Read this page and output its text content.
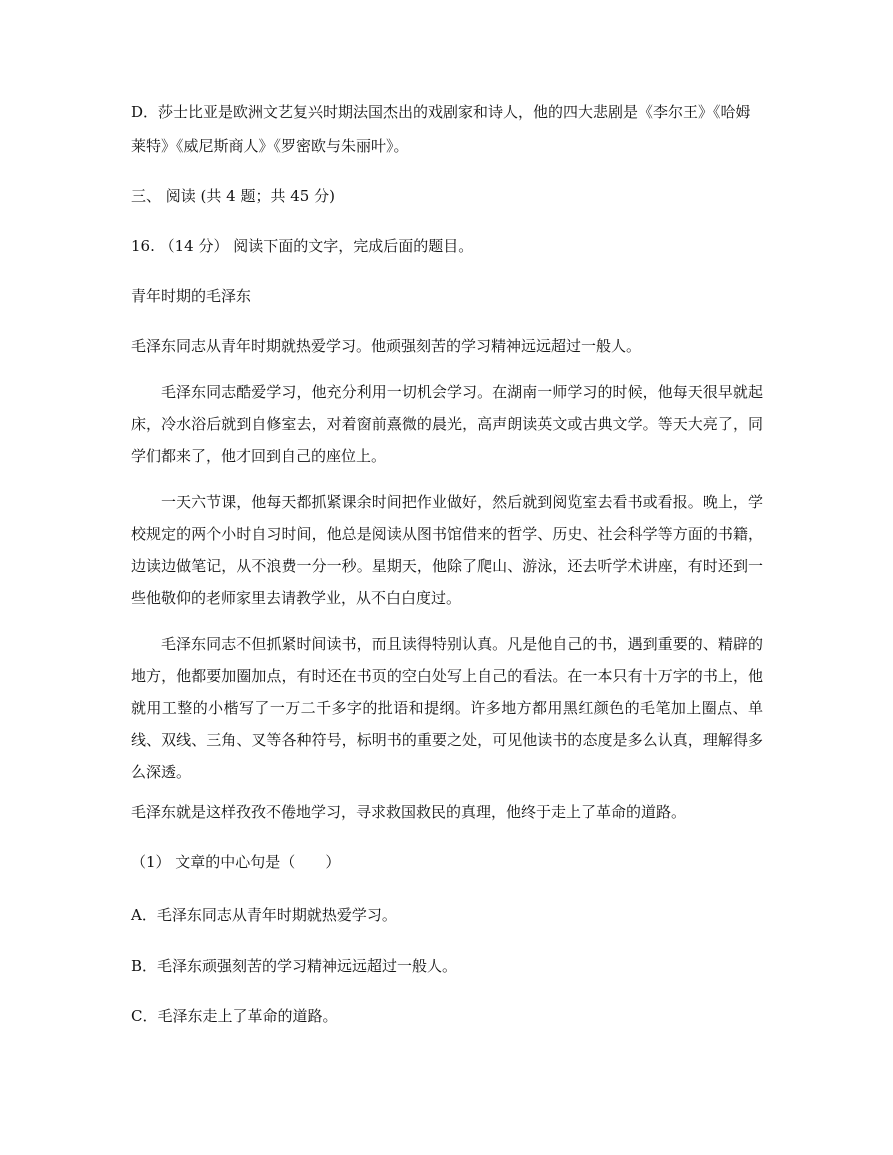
D．莎士比亚是欧洲文艺复兴时期法国杰出的戏剧家和诗人，他的四大悲剧是《李尔王》《哈姆
莱特》《威尼斯商人》《罗密欧与朱丽叶》。
三、 阅读 (共 4 题；共 45 分)
16. （14 分） 阅读下面的文字，完成后面的题目。
青年时期的毛泽东
毛泽东同志从青年时期就热爱学习。他顽强刻苦的学习精神远远超过一般人。

毛泽东同志酷爱学习，他充分利用一切机会学习。在湖南一师学习的时候，他每天很早就起床，冷水浴后就到自修室去，对着窗前熹微的晨光，高声朗读英文或古典文学。等天大亮了，同学们都来了，他才回到自己的座位上。

一天六节课，他每天都抓紧课余时间把作业做好，然后就到阅览室去看书或看报。晚上，学校规定的两个小时自习时间，他总是阅读从图书馆借来的哲学、历史、社会科学等方面的书籍，边读边做笔记，从不浪费一分一秒。星期天，他除了爬山、游泳，还去听学术讲座，有时还到一些他敬仰的老师家里去请教学业，从不白白度过。

毛泽东同志不但抓紧时间读书，而且读得特别认真。凡是他自己的书，遇到重要的、精辟的地方，他都要加圈加点，有时还在书页的空白处写上自己的看法。在一本只有十万字的书上，他就用工整的小楷写了一万二千多字的批语和提纲。许多地方都用黑红颜色的毛笔加上圈点、单线、双线、三角、叉等各种符号，标明书的重要之处，可见他读书的态度是多么认真，理解得多么深透。

毛泽东就是这样孜孜不倦地学习，寻求救国救民的真理，他终于走上了革命的道路。
（1） 文章的中心句是（　　）
A．毛泽东同志从青年时期就热爱学习。
B．毛泽东顽强刻苦的学习精神远远超过一般人。
C．毛泽东走上了革命的道路。
